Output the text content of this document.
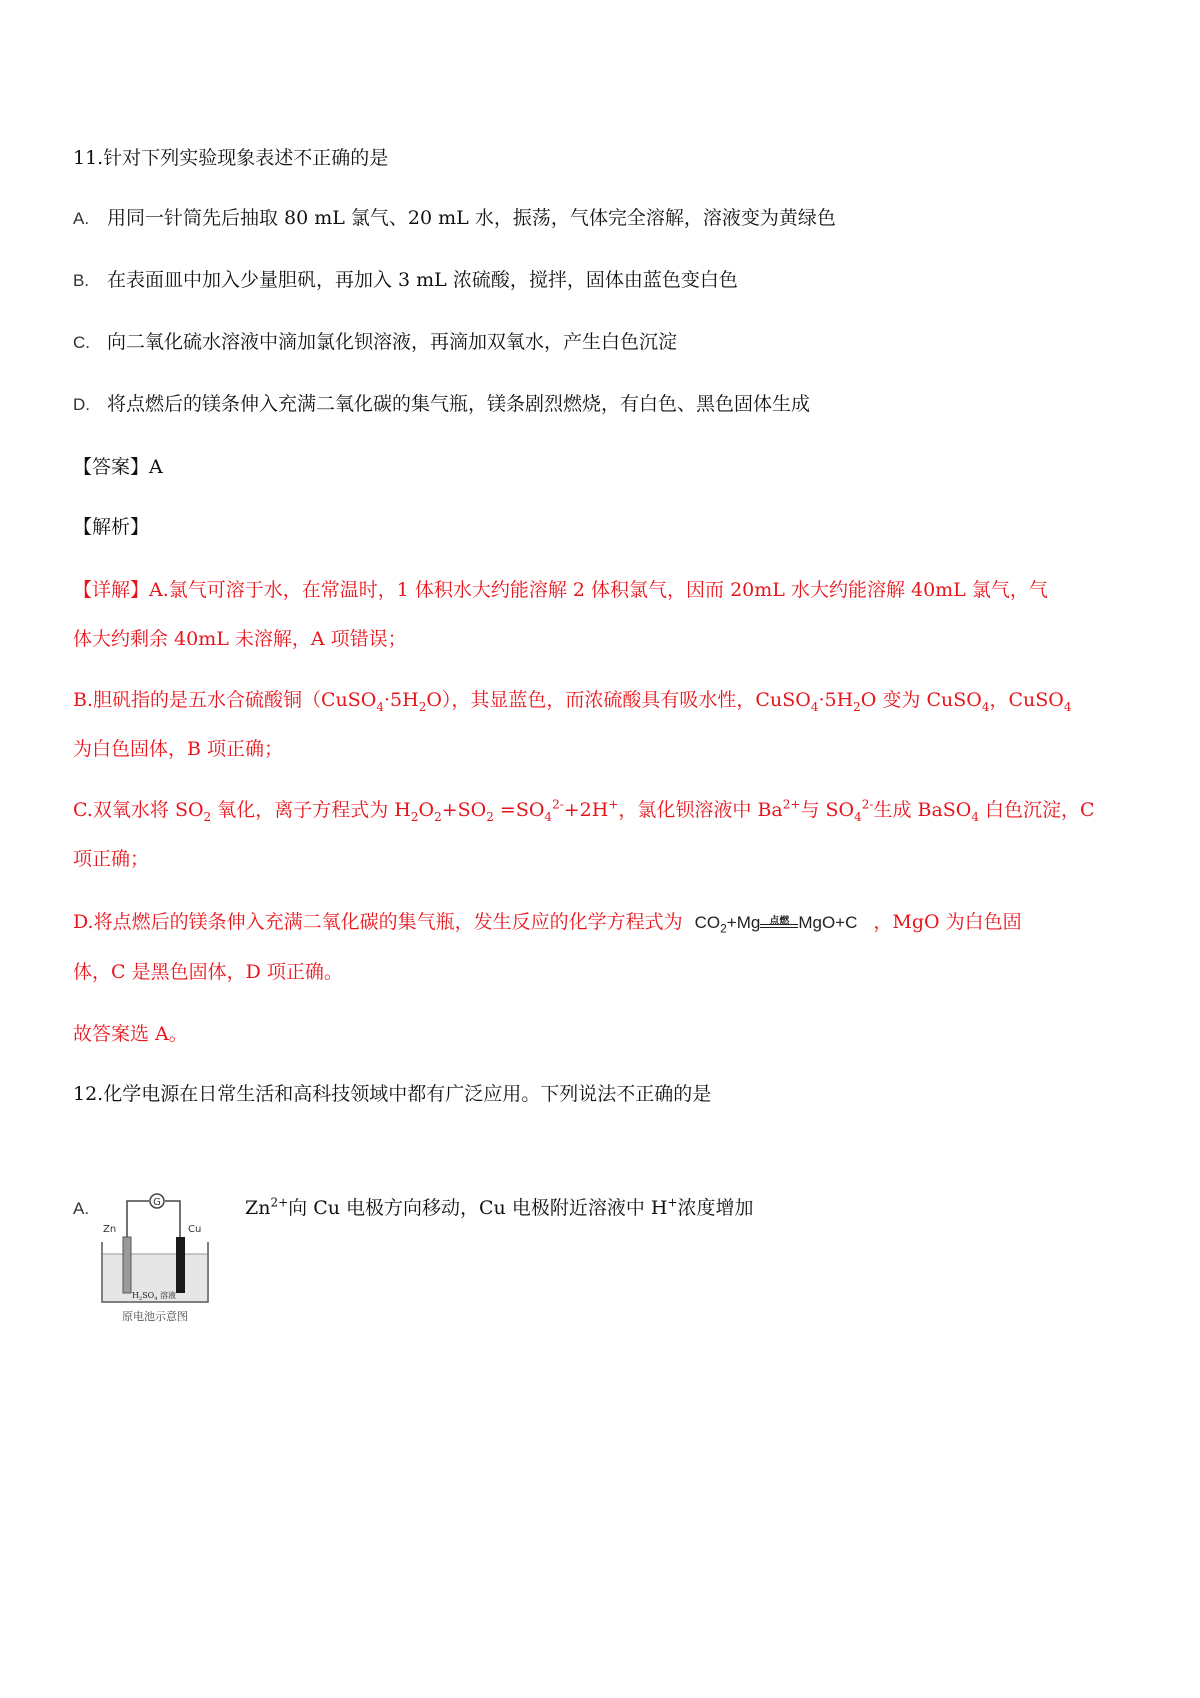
11.针对下列实验现象表述不正确的是
A. 用同一针筒先后抽取 80 mL 氯气、20 mL 水，振荡，气体完全溶解，溶液变为黄绿色
B. 在表面皿中加入少量胆矾，再加入 3 mL 浓硫酸，搅拌，固体由蓝色变白色
C. 向二氧化硫水溶液中滴加氯化钡溶液，再滴加双氧水，产生白色沉淀
D. 将点燃后的镁条伸入充满二氧化碳的集气瓶，镁条剧烈燃烧，有白色、黑色固体生成
【答案】A
【解析】
【详解】A.氯气可溶于水，在常温时，1 体积水大约能溶解 2 体积氯气，因而 20mL 水大约能溶解 40mL 氯气，气
体大约剩余 40mL 未溶解，A 项错误；
B.胆矾指的是五水合硫酸铜$(CuSO_4\cdot 5H_2O)$，其显蓝色，而浓硫酸具有吸水性，$CuSO_4\cdot 5H_2O$ 变为 CuSO$_4$，CuSO$_4$
为白色固体，B 项正确；
C.双氧水将 $SO_2$ 氧化，离子方程式为 $H_2O_2+SO_2 =SO_4^{2-}+2H^+$，氯化钡溶液中 $Ba^{2+}$与 $SO_4^{2-}$生成 BaSO$_4$ 白色沉淀，C
项正确；
D.将点燃后的镁条伸入充满二氧化碳的集气瓶，发生反应的化学方程式为 $CO_2+Mg$ 点燃 MgO+C ，MgO 为白色固
体，C 是黑色固体，D 项正确。
故答案选 A。
12.化学电源在日常生活和高科技领域中都有广泛应用。下列说法不正确的是
A.	G
Zn	Cu
$H_2SO_4$ 溶液
原电池示意图
$Zn^{2+}$向 Cu 电极方向移动，Cu 电极附近溶液中 H+浓度增加
